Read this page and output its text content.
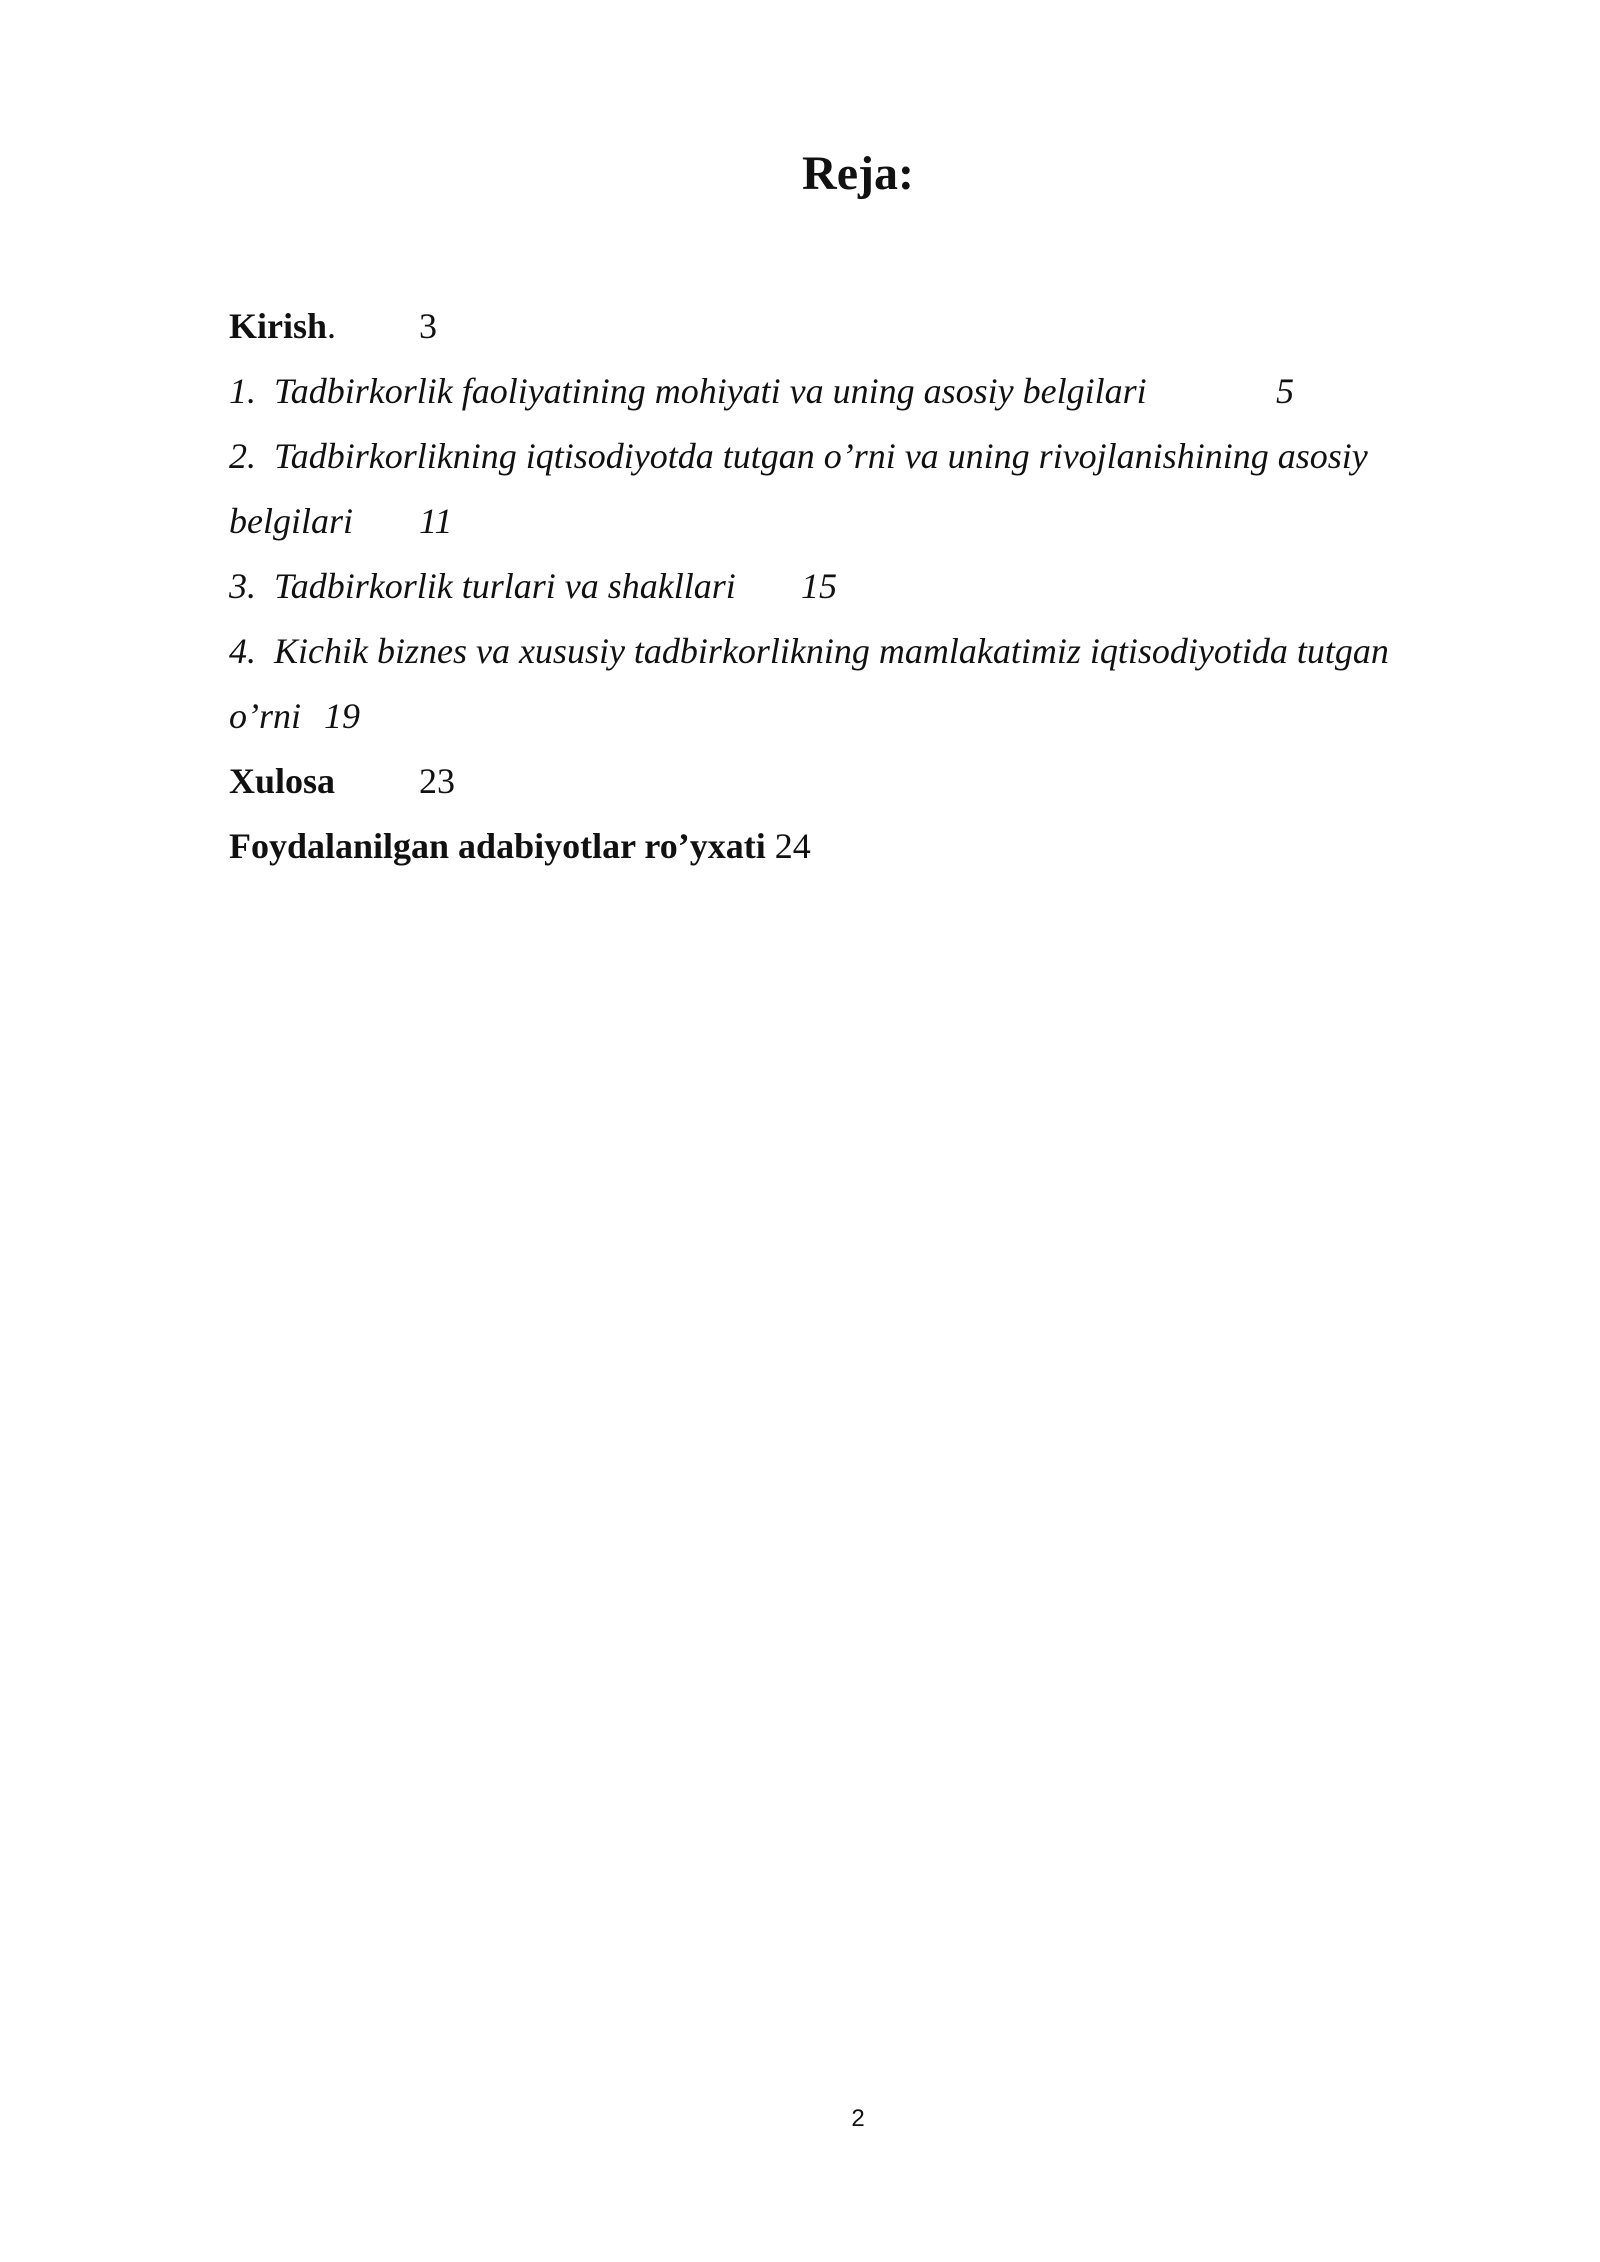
Reja:
Kirish. 3
1. Tadbirkorlik faoliyatining mohiyati va uning asosiy belgilari	5
2. Tadbirkorlikning iqtisodiyotda tutgan o’rni va uning rivojlanishining asosiy
belgilari 11
3. Tadbirkorlik turlari va shakllari 15
4. Kichik biznes va xususiy tadbirkorlikning mamlakatimiz iqtisodiyotida tutgan
o’rni 19
Xulosa 23
Foydalanilgan adabiyotlar ro’yxati 24
2
